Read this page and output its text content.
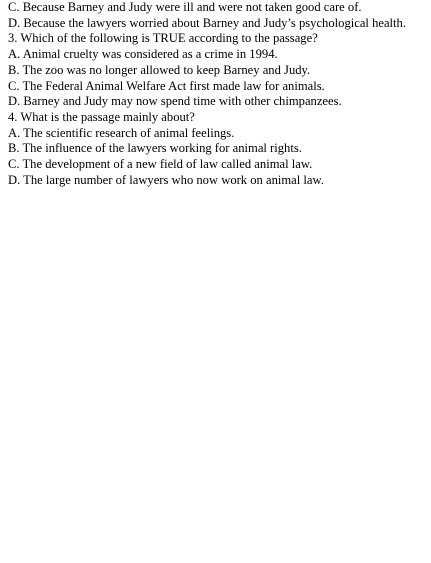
C. Because Barney and Judy were ill and were not taken good care of.
D. Because the lawyers worried about Barney and Judy’s psychological health.
3. Which of the following is TRUE according to the passage?
A. Animal cruelty was considered as a crime in 1994.
B. The zoo was no longer allowed to keep Barney and Judy.
C. The Federal Animal Welfare Act first made law for animals.
D. Barney and Judy may now spend time with other chimpanzees.
4. What is the passage mainly about?
A. The scientific research of animal feelings.
B. The influence of the lawyers working for animal rights.
C. The development of a new field of law called animal law.
D. The large number of lawyers who now work on animal law.
